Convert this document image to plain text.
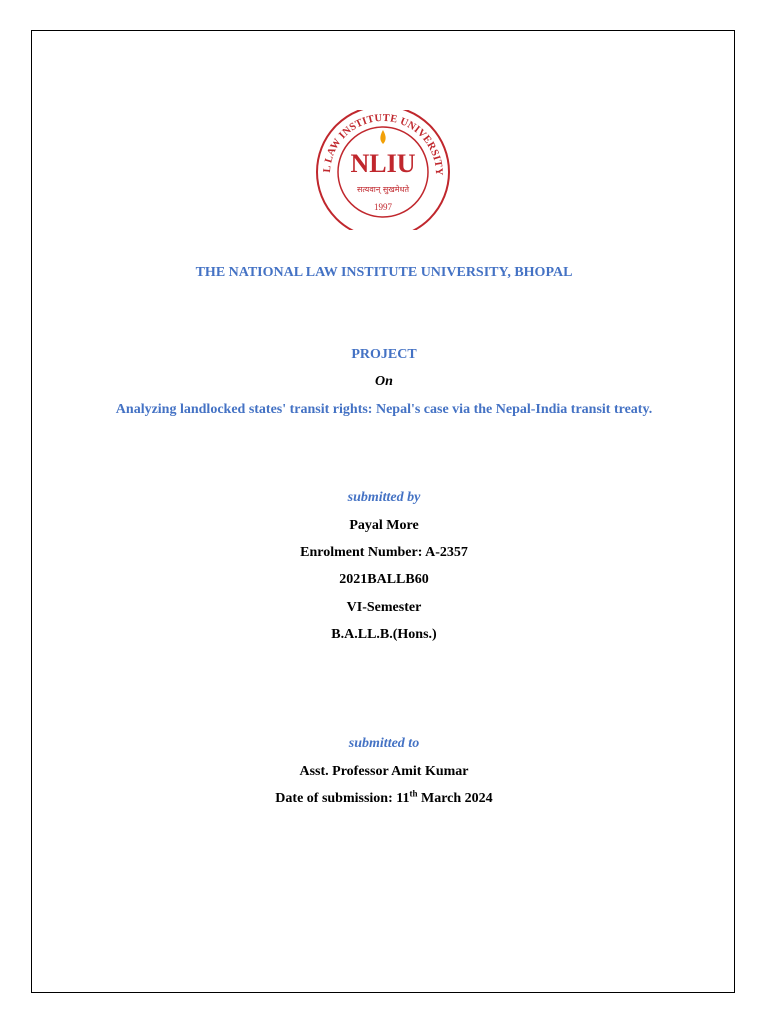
L LAW INSTITUTE UNIVERSITY
NLIU
सत्यवान् सुखमेधते
1997
THE NATIONAL LAW INSTITUTE UNIVERSITY, BHOPAL
PROJECT
On
Analyzing landlocked states' transit rights: Nepal's case via the Nepal-India transit treaty.
submitted by
Payal More
Enrolment Number: A-2357
2021BALLB60
VI-Semester
B.A.LL.B.(Hons.)
submitted to
Asst. Professor Amit Kumar
Date of submission: 11th March 2024
